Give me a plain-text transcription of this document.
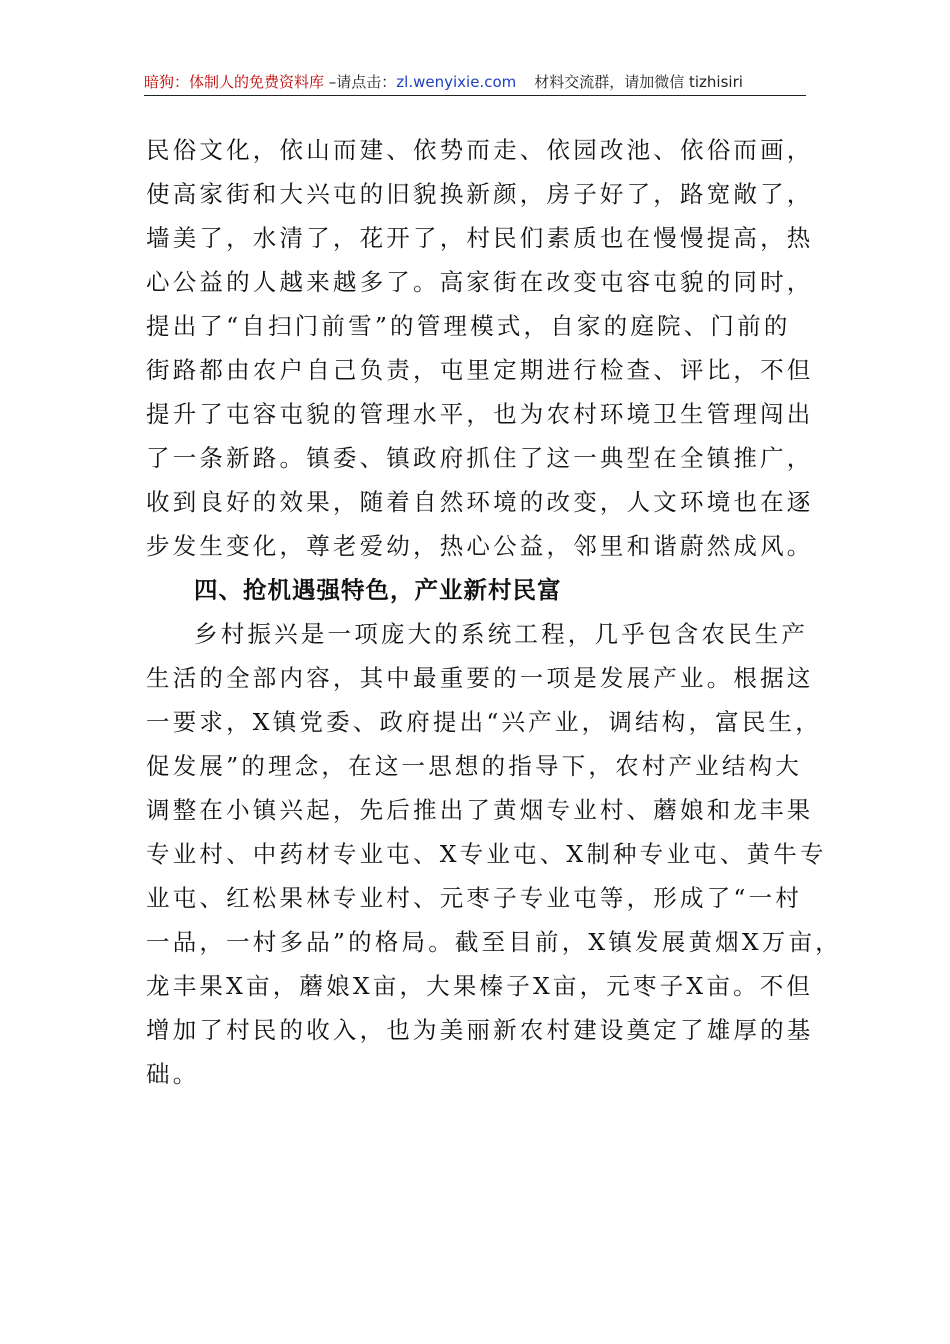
暗狗：体制人的免费资料库 –请点击：zl.wenyixie.com 材料交流群，请加微信 tizhisiri
民俗文化，依山而建、依势而走、依园改池、依俗而画，
使高家街和大兴屯的旧貌换新颜，房子好了，路宽敞了，
墙美了，水清了，花开了，村民们素质也在慢慢提高，热
心公益的人越来越多了。高家街在改变屯容屯貌的同时，
提出了“自扫门前雪”的管理模式，自家的庭院、门前的
街路都由农户自己负责，屯里定期进行检查、评比，不但
提升了屯容屯貌的管理水平，也为农村环境卫生管理闯出
了一条新路。镇委、镇政府抓住了这一典型在全镇推广，
收到良好的效果，随着自然环境的改变，人文环境也在逐
步发生变化，尊老爱幼，热心公益，邻里和谐蔚然成风。
四、抢机遇强特色，产业新村民富
乡村振兴是一项庞大的系统工程，几乎包含农民生产
生活的全部内容，其中最重要的一项是发展产业。根据这
一要求，X镇党委、政府提出“兴产业，调结构，富民生，
促发展”的理念，在这一思想的指导下，农村产业结构大
调整在小镇兴起，先后推出了黄烟专业村、蘑娘和龙丰果
专业村、中药材专业屯、X专业屯、X制种专业屯、黄牛专
业屯、红松果林专业村、元枣子专业屯等，形成了“一村
一品，一村多品”的格局。截至目前，X镇发展黄烟X万亩，
龙丰果X亩，蘑娘X亩，大果榛子X亩，元枣子X亩。不但
增加了村民的收入，也为美丽新农村建设奠定了雄厚的基
础。
